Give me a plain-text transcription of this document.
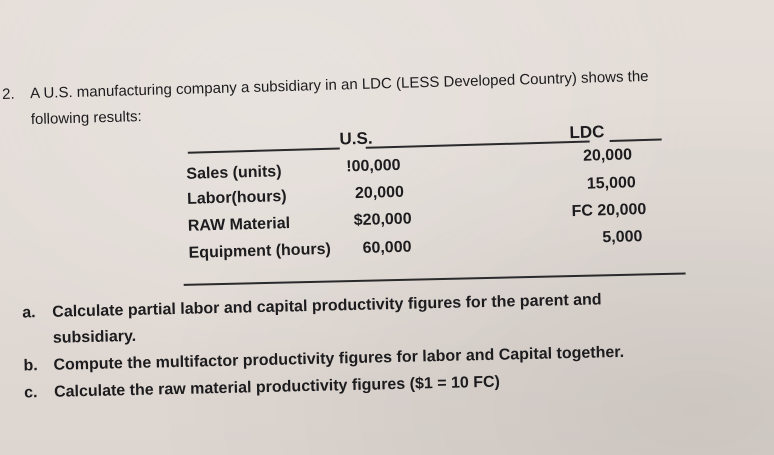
2. A U.S. manufacturing company a subsidiary in an LDC (LESS Developed Country) shows the
following results:
U.S.	LDC
Sales (units)
Labor(hours)
RAW Material
Equipment (hours)
!00,000
20,000
$20,000
60,000
20,000
15,000
FC 20,000
5,000
a. Calculate partial labor and capital productivity figures for the parent and
subsidiary.
b. Compute the multifactor productivity figures for labor and Capital together.
c. Calculate the raw material productivity figures ($1 = 10 FC)
